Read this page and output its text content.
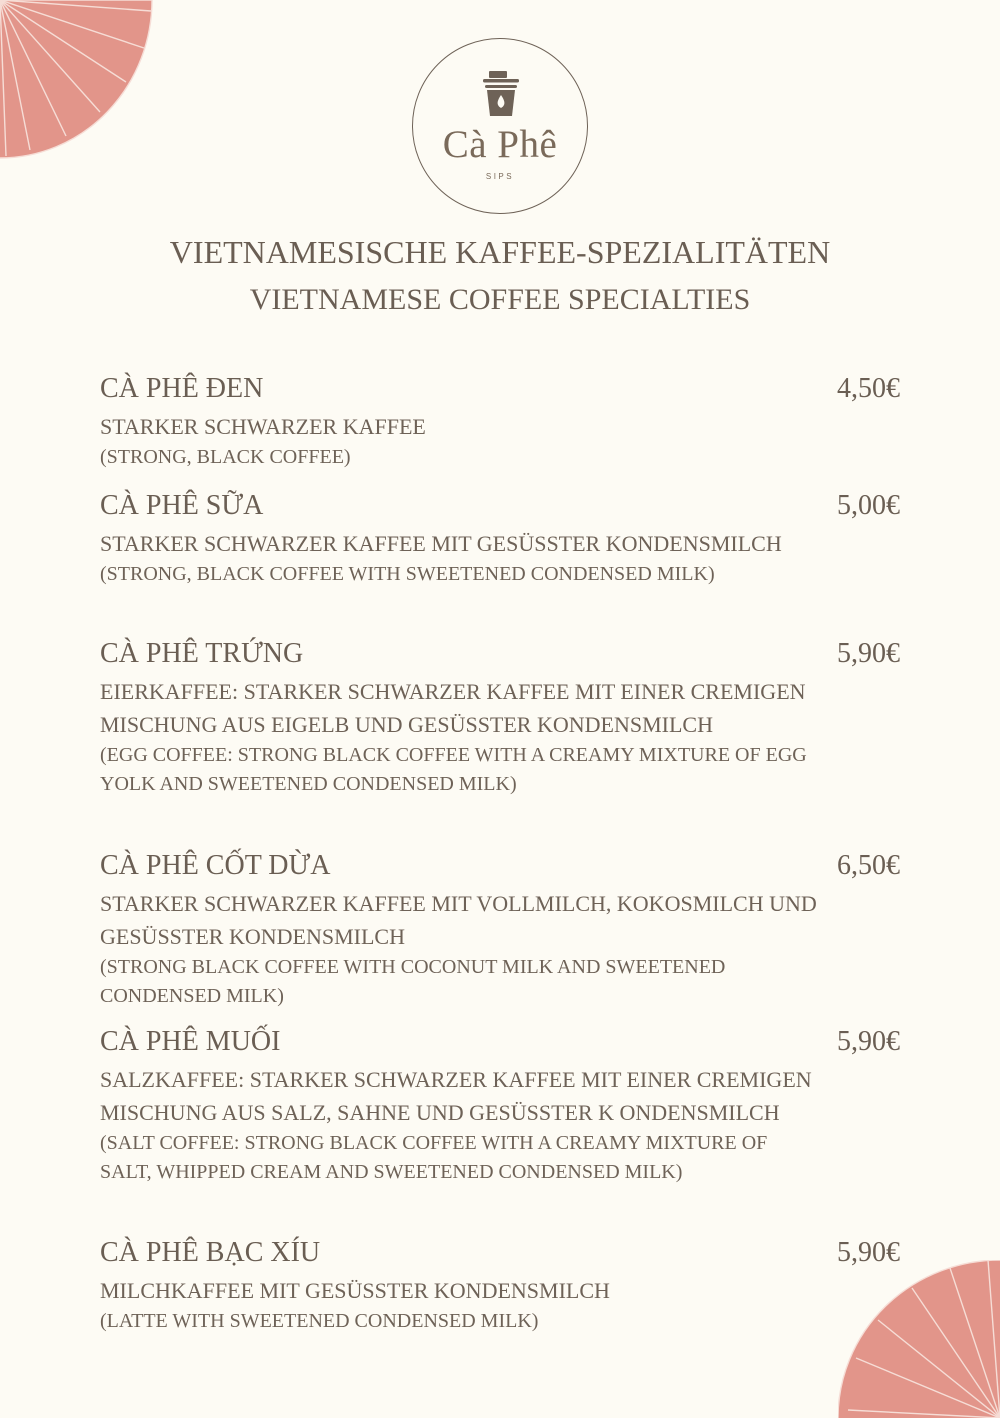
Cà Phê
SIPS
VIETNAMESISCHE KAFFEE-SPEZIALITÄTEN
VIETNAMESE COFFEE SPECIALTIES
CÀ PHÊ ĐEN	4,50€
STARKER SCHWARZER KAFFEE
(STRONG, BLACK COFFEE)
CÀ PHÊ SỮA	5,00€
STARKER SCHWARZER KAFFEE MIT GESÜSSTER KONDENSMILCH
(STRONG, BLACK COFFEE WITH SWEETENED CONDENSED MILK)
CÀ PHÊ TRỨNG	5,90€
EIERKAFFEE: STARKER SCHWARZER KAFFEE MIT EINER CREMIGEN MISCHUNG AUS EIGELB UND GESÜSSTER KONDENSMILCH
(EGG COFFEE: STRONG BLACK COFFEE WITH A CREAMY MIXTURE OF EGG YOLK AND SWEETENED CONDENSED MILK)
CÀ PHÊ CỐT DỪA	6,50€
STARKER SCHWARZER KAFFEE MIT VOLLMILCH, KOKOSMILCH UND GESÜSSTER KONDENSMILCH
(STRONG BLACK COFFEE WITH COCONUT MILK AND SWEETENED CONDENSED MILK)
CÀ PHÊ MUỐI	5,90€
SALZKAFFEE: STARKER SCHWARZER KAFFEE MIT EINER CREMIGEN MISCHUNG AUS SALZ, SAHNE UND GESÜSSTER K ONDENSMILCH
(SALT COFFEE: STRONG BLACK COFFEE WITH A CREAMY MIXTURE OF SALT, WHIPPED CREAM AND SWEETENED CONDENSED MILK)
CÀ PHÊ BẠC XÍU	5,90€
MILCHKAFFEE MIT GESÜSSTER KONDENSMILCH
(LATTE WITH SWEETENED CONDENSED MILK)
